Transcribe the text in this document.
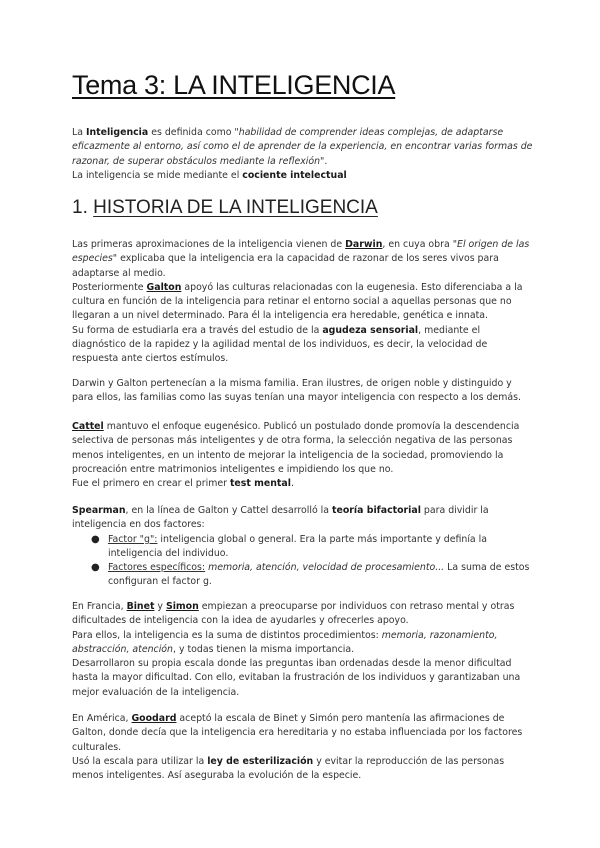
Tema 3: LA INTELIGENCIA

La Inteligencia es definida como "habilidad de comprender ideas complejas, de adaptarse eficazmente al entorno, así como el de aprender de la experiencia, en encontrar varias formas de razonar, de superar obstáculos mediante la reflexión".

La inteligencia se mide mediante el cociente intelectual

1. HISTORIA DE LA INTELIGENCIA

Las primeras aproximaciones de la inteligencia vienen de Darwin, en cuya obra "El origen de las especies" explicaba que la inteligencia era la capacidad de razonar de los seres vivos para adaptarse al medio.

Posteriormente Galton apoyó las culturas relacionadas con la eugenesia. Esto diferenciaba a la cultura en función de la inteligencia para retinar el entorno social a aquellas personas que no llegaran a un nivel determinado. Para él la inteligencia era heredable, genética e innata.

Su forma de estudiarla era a través del estudio de la agudeza sensorial, mediante el diagnóstico de la rapidez y la agilidad mental de los individuos, es decir, la velocidad de respuesta ante ciertos estímulos.

Darwin y Galton pertenecían a la misma familia. Eran ilustres, de origen noble y distinguido y para ellos, las familias como las suyas tenían una mayor inteligencia con respecto a los demás.

Cattel mantuvo el enfoque eugenésico. Publicó un postulado donde promovía la descendencia selectiva de personas más inteligentes y de otra forma, la selección negativa de las personas menos inteligentes, en un intento de mejorar la inteligencia de la sociedad, promoviendo la procreación entre matrimonios inteligentes e impidiendo los que no.

Fue el primero en crear el primer test mental.

Spearman, en la línea de Galton y Cattel desarrolló la teoría bifactorial para dividir la inteligencia en dos factores:

● Factor "g": inteligencia global o general. Era la parte más importante y definía la inteligencia del individuo.
● Factores específicos: memoria, atención, velocidad de procesamiento... La suma de estos configuran el factor g.

En Francia, Binet y Simon empiezan a preocuparse por individuos con retraso mental y otras dificultades de inteligencia con la idea de ayudarles y ofrecerles apoyo.

Para ellos, la inteligencia es la suma de distintos procedimientos: memoria, razonamiento, abstracción, atención, y todas tienen la misma importancia.

Desarrollaron su propia escala donde las preguntas iban ordenadas desde la menor dificultad hasta la mayor dificultad. Con ello, evitaban la frustración de los individuos y garantizaban una mejor evaluación de la inteligencia.

En América, Goodard aceptó la escala de Binet y Simón pero mantenía las afirmaciones de Galton, donde decía que la inteligencia era hereditaria y no estaba influenciada por los factores culturales.

Usó la escala para utilizar la ley de esterilización y evitar la reproducción de las personas menos inteligentes. Así aseguraba la evolución de la especie.
